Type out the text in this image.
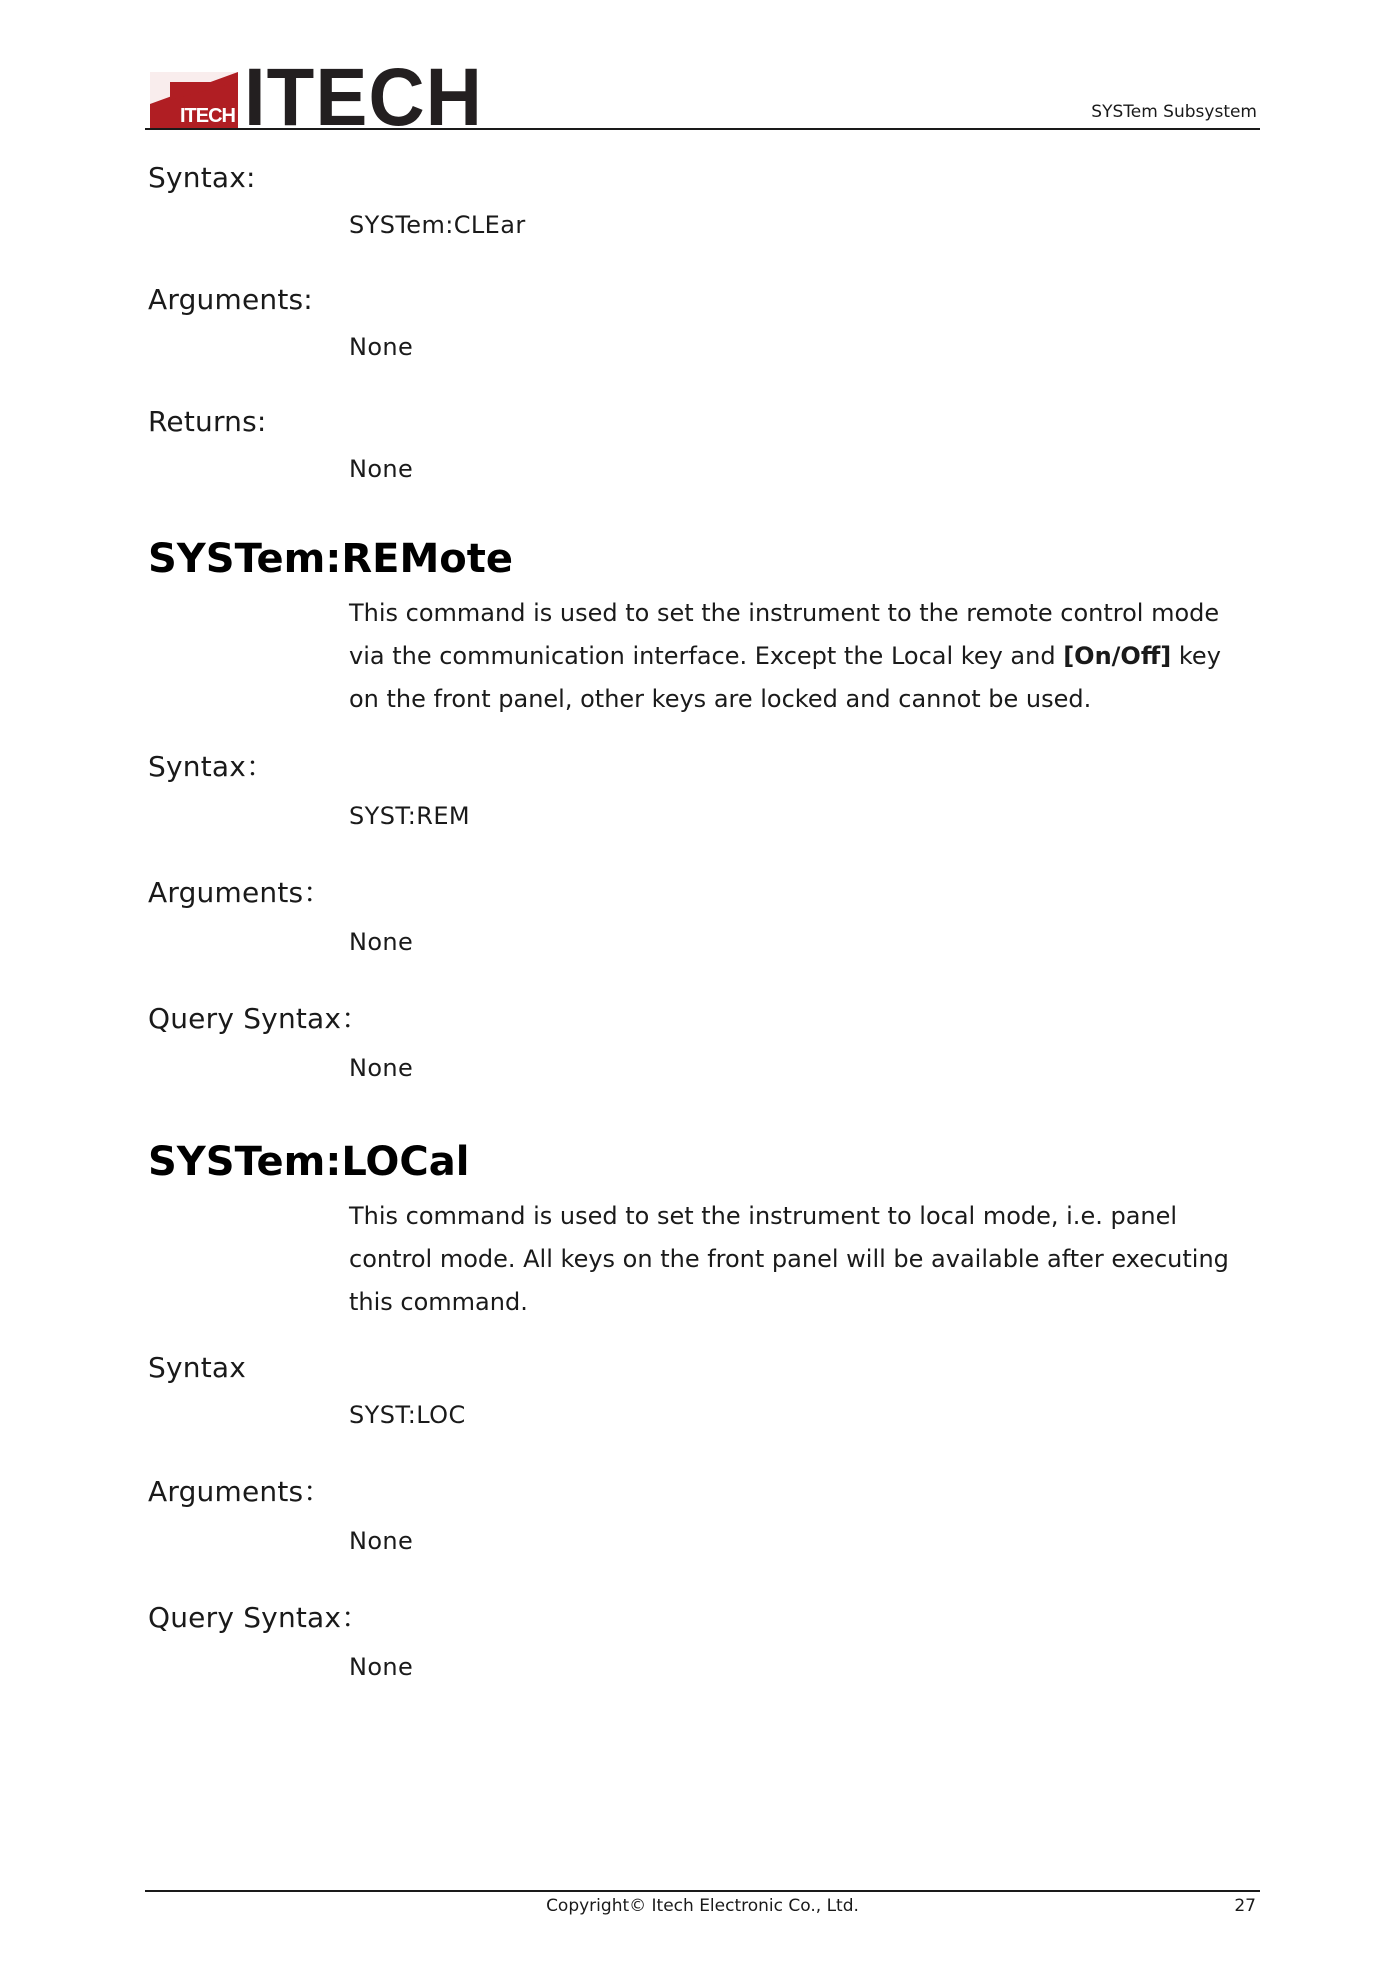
ITECH ITECH	SYSTem Subsystem

Syntax:

SYSTem:CLEar

Arguments:

None

Returns:

None

SYSTem:REMote

This command is used to set the instrument to the remote control mode via the communication interface. Except the Local key and [On/Off] key on the front panel, other keys are locked and cannot be used.

Syntax：

SYST:REM

Arguments：

None

Query Syntax：

None

SYSTem:LOCal

This command is used to set the instrument to local mode, i.e. panel control mode. All keys on the front panel will be available after executing this command.

Syntax

SYST:LOC

Arguments：

None

Query Syntax：

None

Copyright© Itech Electronic Co., Ltd.	27
